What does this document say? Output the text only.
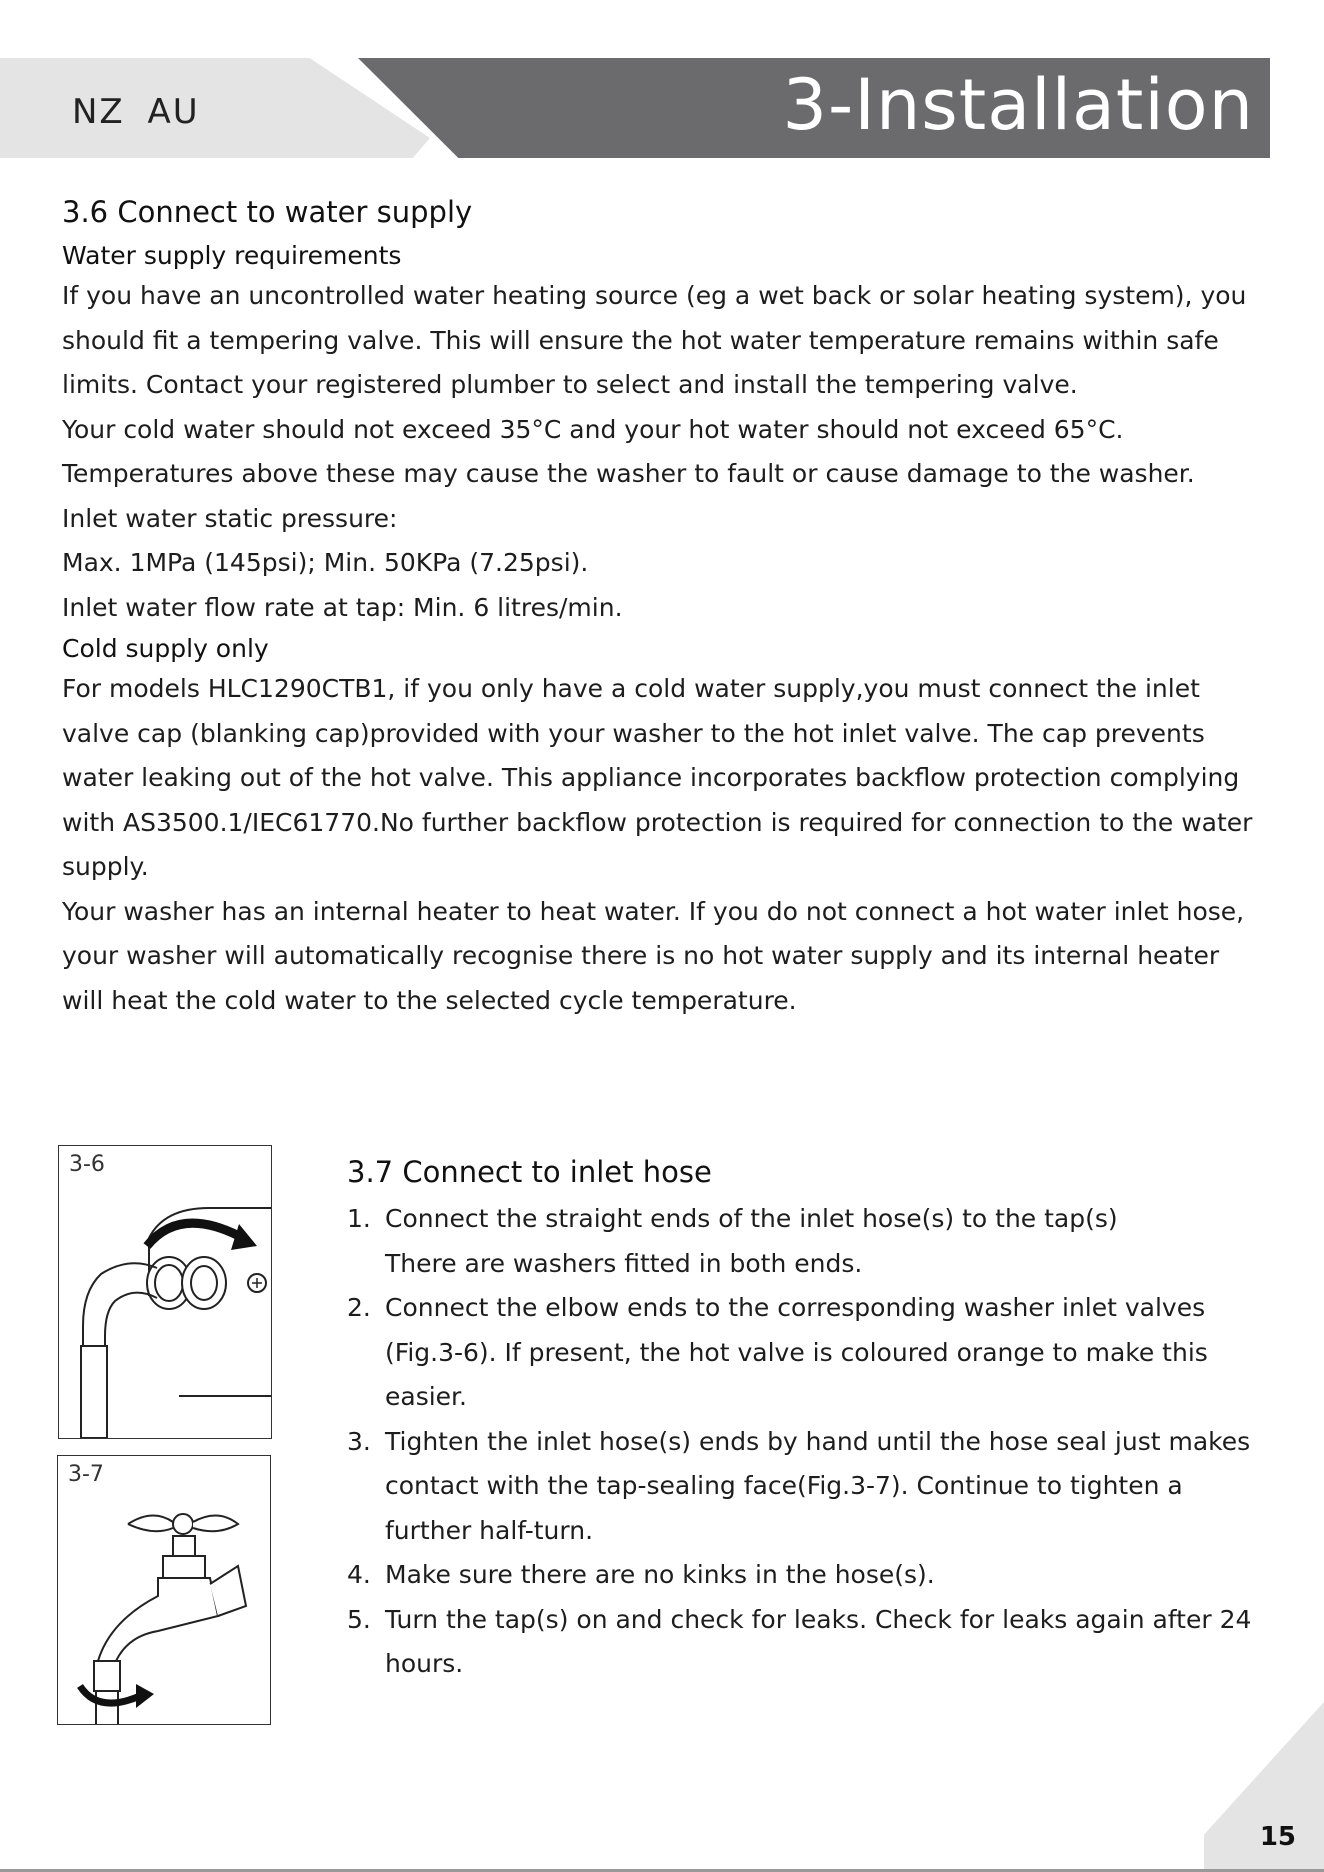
NZ AU	3-Installation
3.6 Connect to water supply
Water supply requirements

If you have an uncontrolled water heating source (eg a wet back or solar heating system), you should fit a tempering valve. This will ensure the hot water temperature remains within safe limits. Contact your registered plumber to select and install the tempering valve.

Your cold water should not exceed 35°C and your hot water should not exceed 65°C.

Temperatures above these may cause the washer to fault or cause damage to the washer.

Inlet water static pressure:

Max. 1MPa (145psi); Min. 50KPa (7.25psi).

Inlet water flow rate at tap: Min. 6 litres/min.

Cold supply only

For models HLC1290CTB1, if you only have a cold water supply,you must connect the inlet valve cap (blanking cap)provided with your washer to the hot inlet valve. The cap prevents water leaking out of the hot valve. This appliance incorporates backflow protection complying with AS3500.1/IEC61770.No further backflow protection is required for connection to the water supply.

Your washer has an internal heater to heat water. If you do not connect a hot water inlet hose, your washer will automatically recognise there is no hot water supply and its internal heater will heat the cold water to the selected cycle temperature.

3-6
3-7
3.7 Connect to inlet hose
1. Connect the straight ends of the inlet hose(s) to the tap(s)
There are washers fitted in both ends.
2. Connect the elbow ends to the corresponding washer inlet valves (Fig.3-6). If present, the hot valve is coloured orange to make this easier.
3. Tighten the inlet hose(s) ends by hand until the hose seal just makes contact with the tap-sealing face(Fig.3-7). Continue to tighten a further half-turn.
4. Make sure there are no kinks in the hose(s).
5. Turn the tap(s) on and check for leaks. Check for leaks again after 24 hours.
15
